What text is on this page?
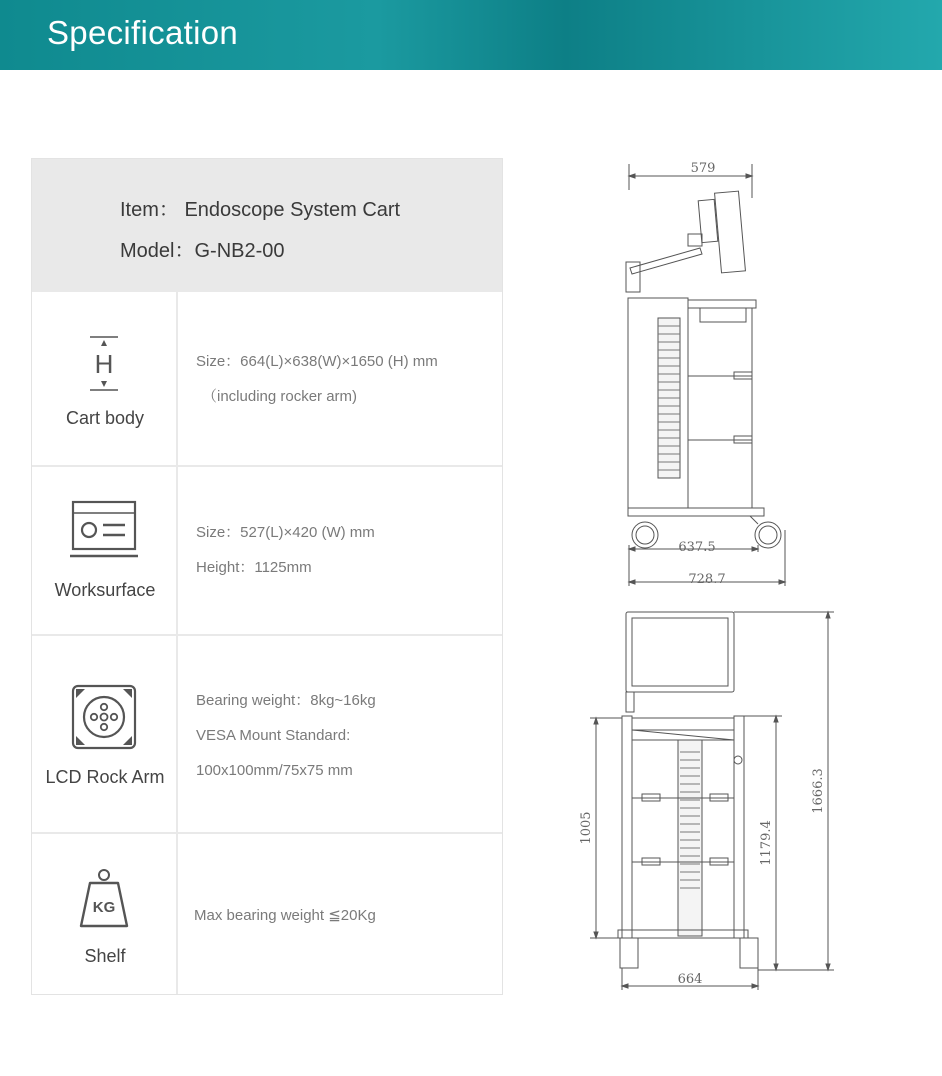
Specification
Item： Endoscope System Cart
Model：G-NB2-00
H
Cart body
Size：664(L)×638(W)×1650 (H) mm
（including rocker arm)
Worksurface
Size：527(L)×420 (W) mm
Height：1125mm
LCD Rock Arm
Bearing weight：8kg~16kg
VESA Mount Standard:
100x100mm/75x75 mm
KG
Shelf
Max bearing weight ≦20Kg
579
637.5
728.7
1005	1179.4
1666.3
664
